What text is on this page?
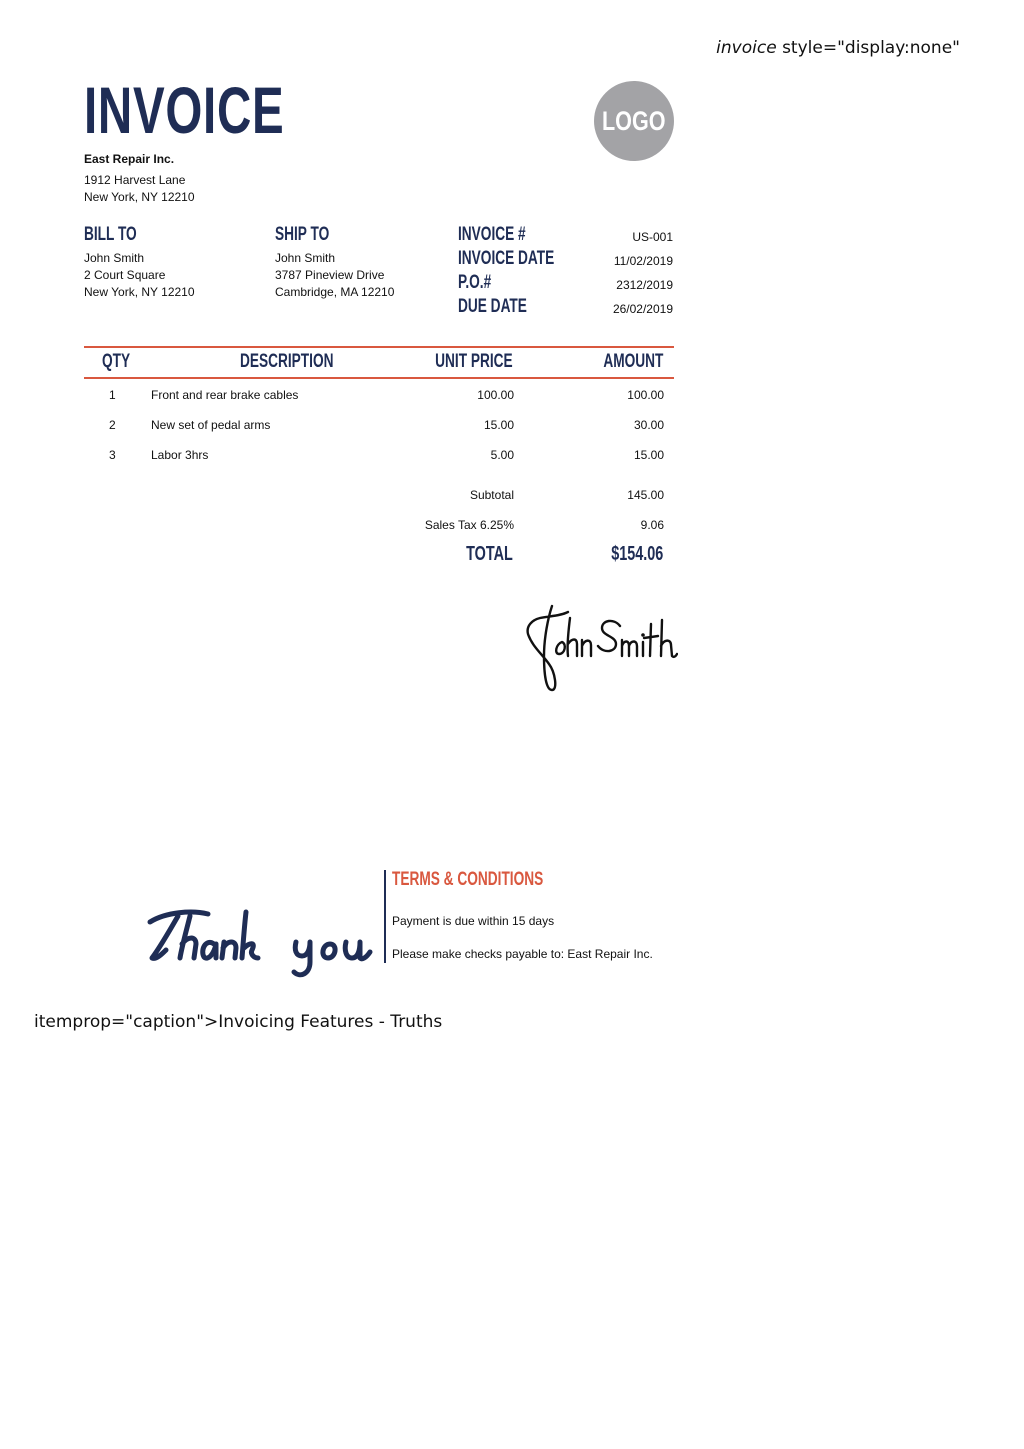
invoice style="display:none"
INVOICE	LOGO
East Repair Inc.
1912 Harvest Lane
New York, NY 12210
BILL TO
John Smith
2 Court Square
New York, NY 12210
SHIP TO
John Smith
3787 Pineview Drive
Cambridge, MA 12210
INVOICE #	US-001
INVOICE DATE	11/02/2019
P.O.#	2312/2019
DUE DATE	26/02/2019
QTY	DESCRIPTION	UNIT PRICE	AMOUNT
1	Front and rear brake cables	100.00	100.00
2	New set of pedal arms	15.00	30.00
3	Labor 3hrs	5.00	15.00
Subtotal	145.00
Sales Tax 6.25%	9.06
TOTAL	$154.06
TERMS & CONDITIONS
Payment is due within 15 days
Please make checks payable to: East Repair Inc.
itemprop="caption">Invoicing Features - Truths
